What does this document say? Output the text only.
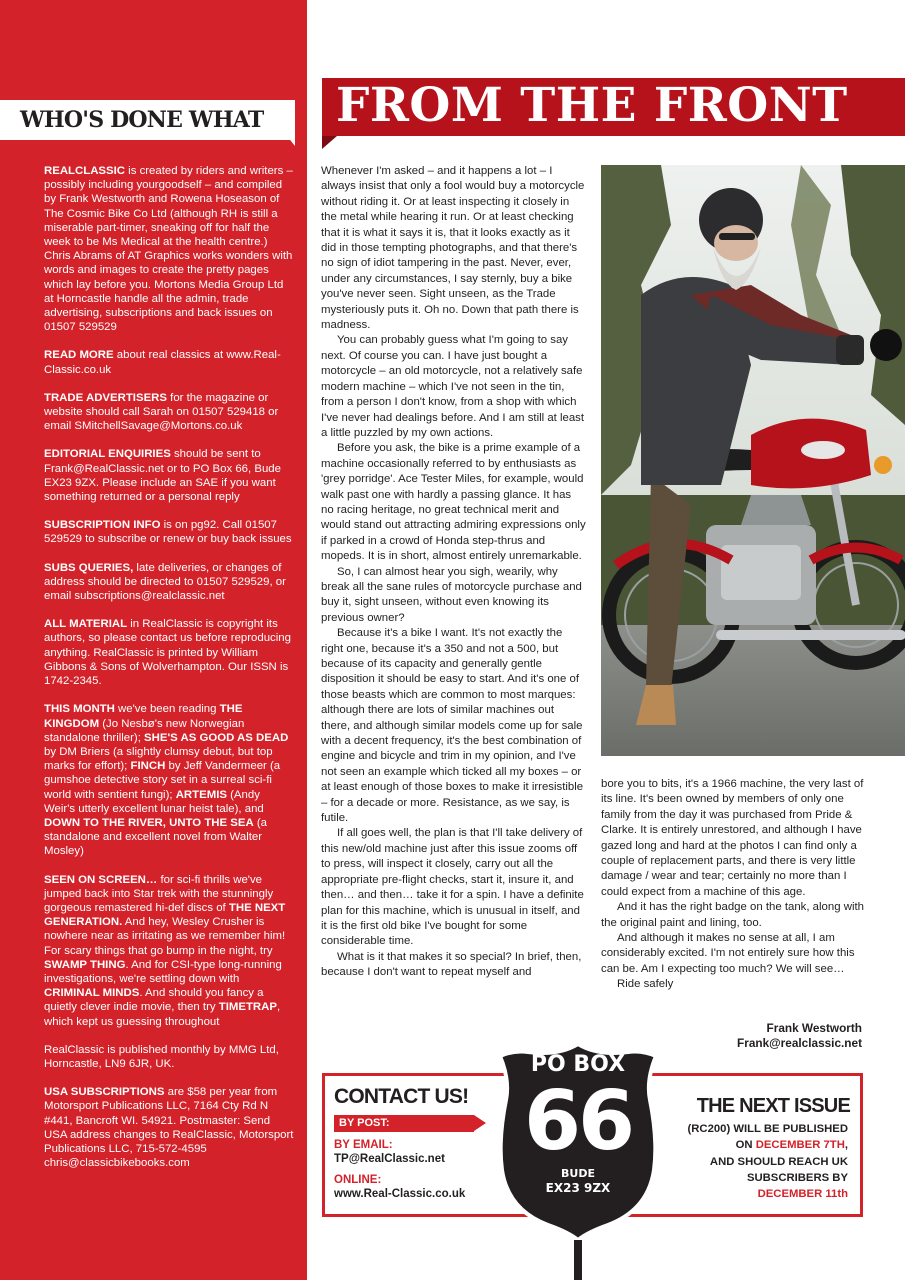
WHO'S DONE WHAT

REALCLASSIC is created by riders and writers – possibly including yourgoodself – and compiled by Frank Westworth and Rowena Hoseason of The Cosmic Bike Co Ltd (although RH is still a miserable part-timer, sneaking off for half the week to be Ms Medical at the health centre.) Chris Abrams of AT Graphics works wonders with words and images to create the pretty pages which lay before you. Mortons Media Group Ltd at Horncastle handle all the admin, trade advertising, subscriptions and back issues on 01507 529529

READ MORE about real classics at www.Real-Classic.co.uk

TRADE ADVERTISERS for the magazine or website should call Sarah on 01507 529418 or email SMitchellSavage@Mortons.co.uk

EDITORIAL ENQUIRIES should be sent to Frank@RealClassic.net or to PO Box 66, Bude EX23 9ZX. Please include an SAE if you want something returned or a personal reply

SUBSCRIPTION INFO is on pg92. Call 01507 529529 to subscribe or renew or buy back issues

SUBS QUERIES, late deliveries, or changes of address should be directed to 01507 529529, or email subscriptions@realclassic.net

ALL MATERIAL in RealClassic is copyright its authors, so please contact us before reproducing anything. RealClassic is printed by William Gibbons & Sons of Wolverhampton. Our ISSN is 1742-2345.

THIS MONTH we've been reading THE KINGDOM (Jo Nesbø's new Norwegian standalone thriller); SHE'S AS GOOD AS DEAD by DM Briers (a slightly clumsy debut, but top marks for effort); FINCH by Jeff Vandermeer (a gumshoe detective story set in a surreal sci-fi world with sentient fungi); ARTEMIS (Andy Weir's utterly excellent lunar heist tale), and DOWN TO THE RIVER, UNTO THE SEA (a standalone and excellent novel from Walter Mosley)

SEEN ON SCREEN… for sci-fi thrills we've jumped back into Star trek with the stunningly gorgeous remastered hi-def discs of THE NEXT GENERATION. And hey, Wesley Crusher is nowhere near as irritating as we remember him! For scary things that go bump in the night, try SWAMP THING. And for CSI-type long-running investigations, we're settling down with CRIMINAL MINDS. And should you fancy a quietly clever indie movie, then try TIMETRAP, which kept us guessing throughout

RealClassic is published monthly by MMG Ltd, Horncastle, LN9 6JR, UK.

USA SUBSCRIPTIONS are $58 per year from Motorsport Publications LLC, 7164 Cty Rd N #441, Bancroft WI. 54921. Postmaster: Send USA address changes to RealClassic, Motorsport Publications LLC, 715-572-4595 chris@classicbikebooks.com

FROM THE FRONT

Whenever I'm asked – and it happens a lot – I always insist that only a fool would buy a motorcycle without riding it. Or at least inspecting it closely in the metal while hearing it run. Or at least checking that it is what it says it is, that it looks exactly as it did in those tempting photographs, and that there's no sign of idiot tampering in the past. Never, ever, under any circumstances, I say sternly, buy a bike you've never seen. Sight unseen, as the Trade mysteriously puts it. Oh no. Down that path there is madness.

You can probably guess what I'm going to say next. Of course you can. I have just bought a motorcycle – an old motorcycle, not a relatively safe modern machine – which I've not seen in the tin, from a person I don't know, from a shop with which I've never had dealings before. And I am still at least a little puzzled by my own actions.

Before you ask, the bike is a prime example of a machine occasionally referred to by enthusiasts as 'grey porridge'. Ace Tester Miles, for example, would walk past one with hardly a passing glance. It has no racing heritage, no great technical merit and would stand out attracting admiring expressions only if parked in a crowd of Honda step-thrus and mopeds. It is in short, almost entirely unremarkable.

So, I can almost hear you sigh, wearily, why break all the sane rules of motorcycle purchase and buy it, sight unseen, without even knowing its previous owner?

Because it's a bike I want. It's not exactly the right one, because it's a 350 and not a 500, but because of its capacity and generally gentle disposition it should be easy to start. And it's one of those beasts which are common to most marques: although there are lots of similar machines out there, and although similar models come up for sale with a decent frequency, it's the best combination of engine and bicycle and trim in my opinion, and I've not seen an example which ticked all my boxes – or at least enough of those boxes to make it irresistible – for a decade or more. Resistance, as we say, is futile.

If all goes well, the plan is that I'll take delivery of this new/old machine just after this issue zooms off to press, will inspect it closely, carry out all the appropriate pre-flight checks, start it, insure it, and then… and then… take it for a spin. I have a definite plan for this machine, which is unusual in itself, and it is the first old bike I've bought for some considerable time.

What is it that makes it so special? In brief, then, because I don't want to repeat myself and

bore you to bits, it's a 1966 machine, the very last of its line. It's been owned by members of only one family from the day it was purchased from Pride & Clarke. It is entirely unrestored, and although I have gazed long and hard at the photos I can find only a couple of replacement parts, and there is very little damage / wear and tear; certainly no more than I could expect from a machine of this age.

And it has the right badge on the tank, along with the original paint and lining, too.

And although it makes no sense at all, I am considerably excited. I'm not entirely sure how this can be. Am I expecting too much? We will see…

Ride safely

Frank Westworth
Frank@realclassic.net
CONTACT US!
BY POST:
BY EMAIL:
TP@RealClassic.net
ONLINE:
www.Real-Classic.co.uk
PO BOX
66
BUDE
EX23 9ZX
THE NEXT ISSUE
(RC200) WILL BE PUBLISHED
ON DECEMBER 7TH,
AND SHOULD REACH UK
SUBSCRIBERS BY
DECEMBER 11th
